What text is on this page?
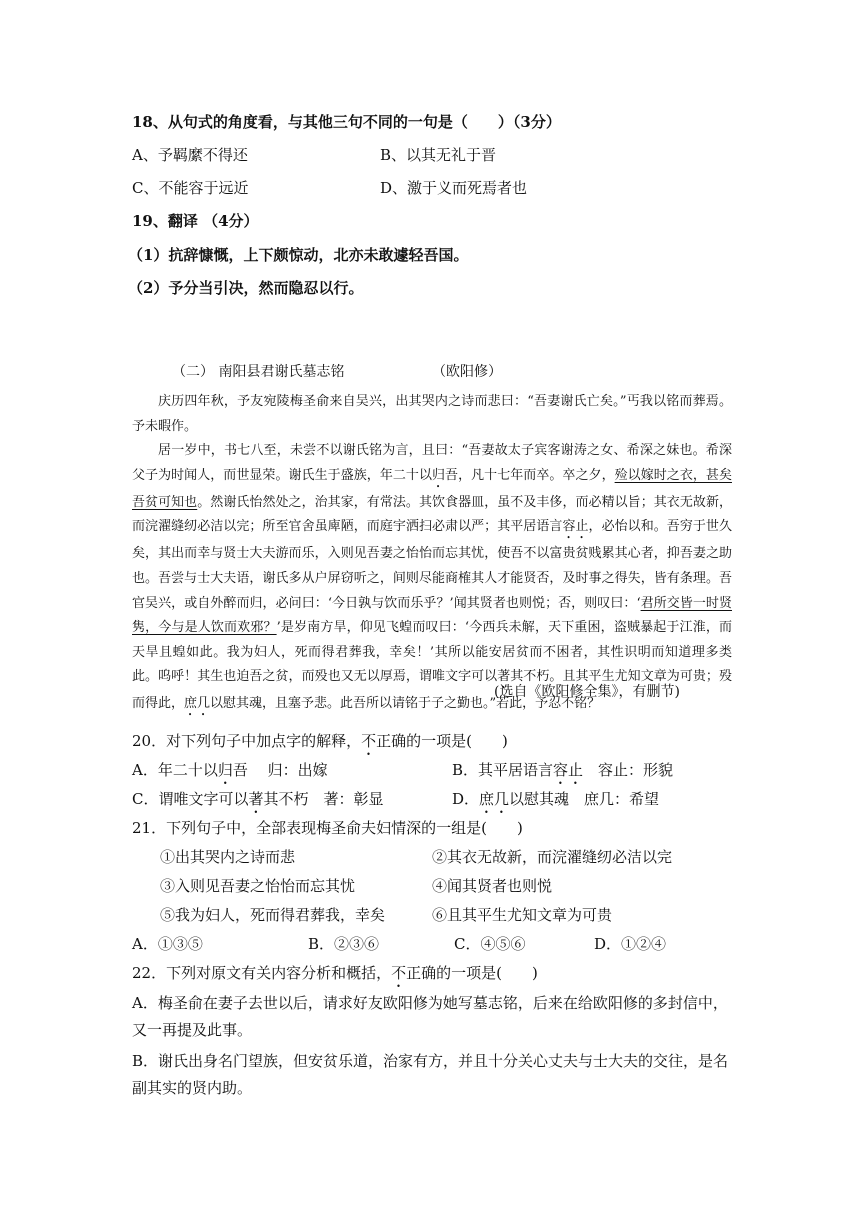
18、从句式的角度看，与其他三句不同的一句是（　　）（3分）
A、予羁縻不得还	B、以其无礼于晋
C、不能容于远近	D、激于义而死焉者也
19、翻译 （4分）
（1）抗辞慷慨，上下颇惊动，北亦未敢遽轻吾国。
（2）予分当引决，然而隐忍以行。
（二） 南阳县君谢氏墓志铭	（欧阳修）

庆历四年秋，予友宛陵梅圣俞来自吴兴，出其哭内之诗而悲曰：“吾妻谢氏亡矣。”丐我以铭而葬焉。予未暇作。

居一岁中，书七八至，未尝不以谢氏铭为言，且曰：“吾妻故太子宾客谢涛之女、希深之妹也。希深父子为时闻人，而世显荣。谢氏生于盛族，年二十以归吾，凡十七年而卒。卒之夕，殓以嫁时之衣，甚矣吾贫可知也。然谢氏怡然处之，治其家，有常法。其饮食器皿，虽不及丰侈，而必精以旨；其衣无故新，而浣濯缝纫必洁以完；所至官舍虽庳陋，而庭宇洒扫必肃以严；其平居语言容止，必怡以和。吾穷于世久矣，其出而幸与贤士大夫游而乐，入则见吾妻之怡怡而忘其忧，使吾不以富贵贫贱累其心者，抑吾妻之助也。吾尝与士大夫语，谢氏多从户屏窃听之，间则尽能商榷其人才能贤否，及时事之得失，皆有条理。吾官吴兴，或自外醉而归，必问曰：‘今日孰与饮而乐乎？’闻其贤者也则悦；否，则叹曰：‘君所交皆一时贤隽，今与是人饮而欢邪？’是岁南方旱，仰见飞蝗而叹曰：‘今西兵未解，天下重困，盗贼暴起于江淮，而天旱且蝗如此。我为妇人，死而得君葬我，幸矣！’其所以能安居贫而不困者，其性识明而知道理多类此。呜呼！其生也迫吾之贫，而殁也又无以厚焉，谓唯文字可以著其不朽。且其平生尤知文章为可贵；殁而得此，庶几以慰其魂，且塞予悲。此吾所以请铭于子之勤也。”若此，予忍不铭？

(选自《欧阳修全集》，有删节)
20．对下列句子中加点字的解释，不正确的一项是(　　)
A．年二十以归吾　 归：出嫁	B．其平居语言容止　容止：形貌
C．谓唯文字可以著其不朽　著：彰显	D．庶几以慰其魂　庶几：希望
21．下列句子中，全部表现梅圣俞夫妇情深的一组是(　　)
①出其哭内之诗而悲	②其衣无故新，而浣濯缝纫必洁以完
③入则见吾妻之怡怡而忘其忧	④闻其贤者也则悦
⑤我为妇人，死而得君葬我，幸矣	⑥且其平生尤知文章为可贵
A．①③⑤	B．②③⑥	C．④⑤⑥	D．①②④
22．下列对原文有关内容分析和概括，不正确的一项是(　　)
A．梅圣俞在妻子去世以后，请求好友欧阳修为她写墓志铭，后来在给欧阳修的多封信中，又一再提及此事。
B．谢氏出身名门望族，但安贫乐道，治家有方，并且十分关心丈夫与士大夫的交往，是名副其实的贤内助。
